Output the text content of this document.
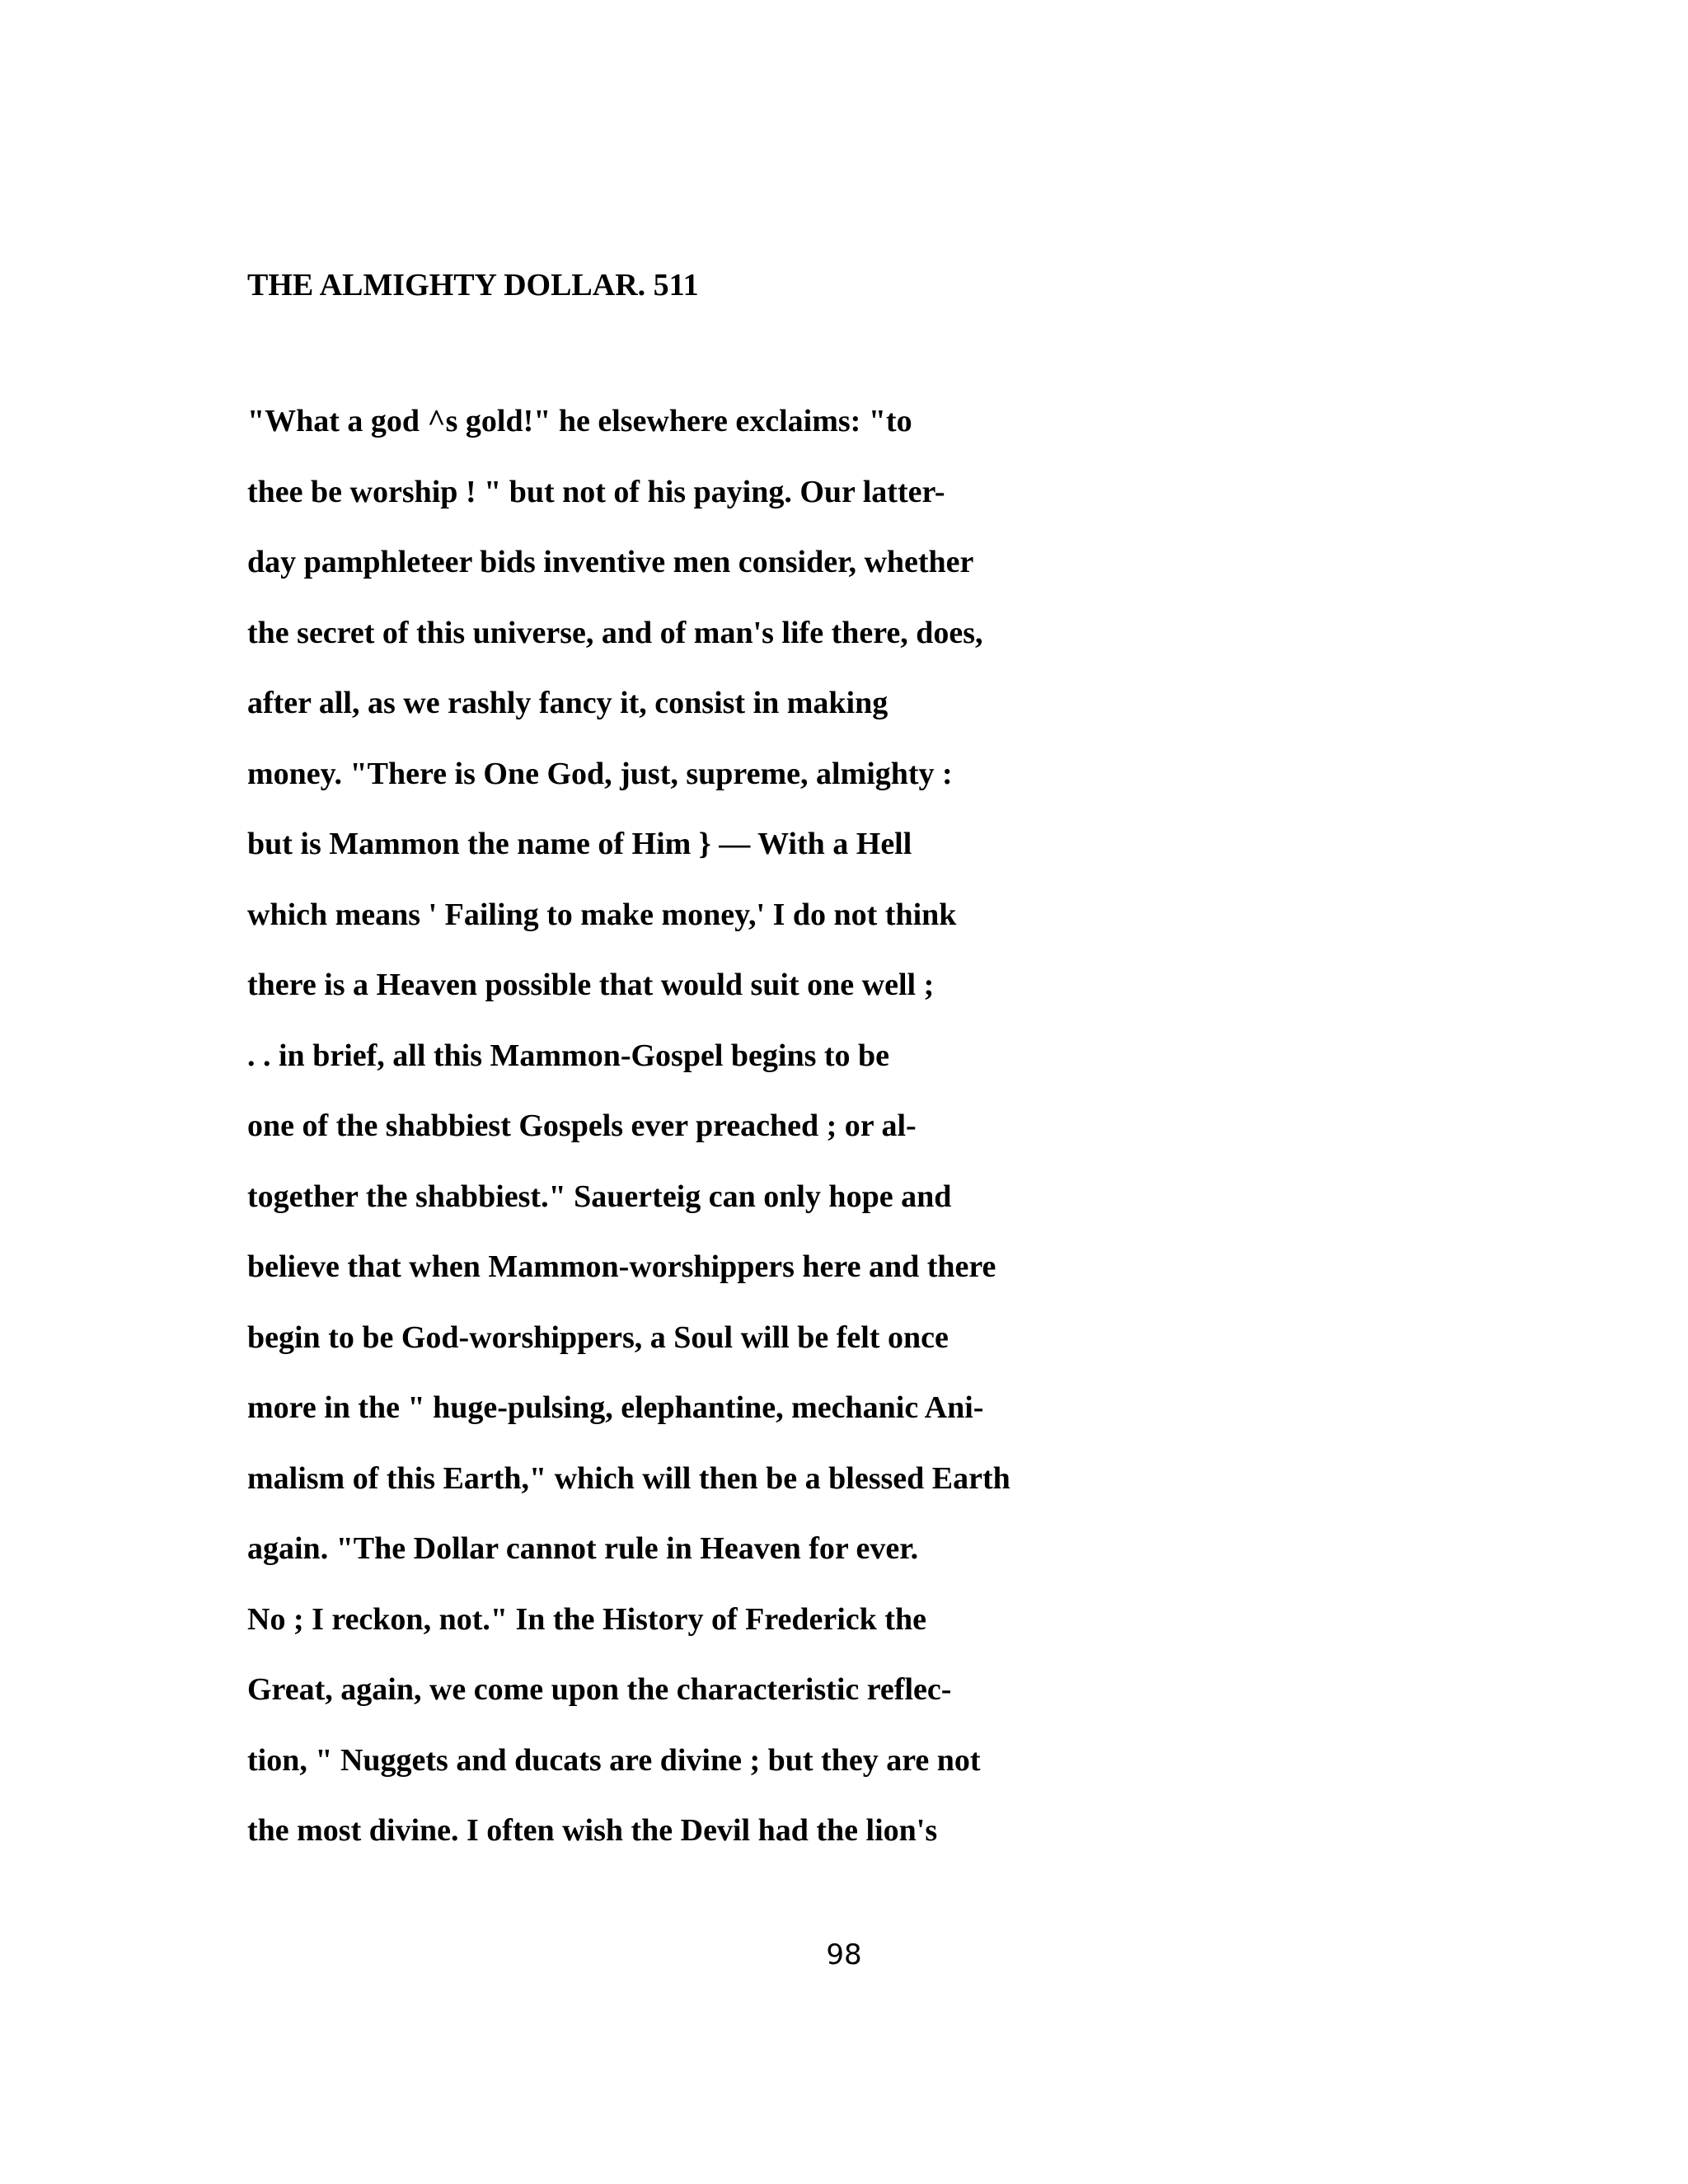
THE ALMIGHTY DOLLAR. 511
"What a god ^s gold!" he elsewhere exclaims: "to
thee be worship ! " but not of his paying. Our latter-
day pamphleteer bids inventive men consider, whether
the secret of this universe, and of man's life there, does,
after all, as we rashly fancy it, consist in making
money. "There is One God, just, supreme, almighty :
but is Mammon the name of Him } — With a Hell
which means ' Failing to make money,' I do not think
there is a Heaven possible that would suit one well ;
. . in brief, all this Mammon-Gospel begins to be
one of the shabbiest Gospels ever preached ; or al-
together the shabbiest." Sauerteig can only hope and
believe that when Mammon-worshippers here and there
begin to be God-worshippers, a Soul will be felt once
more in the " huge-pulsing, elephantine, mechanic Ani-
malism of this Earth," which will then be a blessed Earth
again. "The Dollar cannot rule in Heaven for ever.
No ; I reckon, not." In the History of Frederick the
Great, again, we come upon the characteristic reflec-
tion, " Nuggets and ducats are divine ; but they are not
the most divine. I often wish the Devil had the lion's
98
